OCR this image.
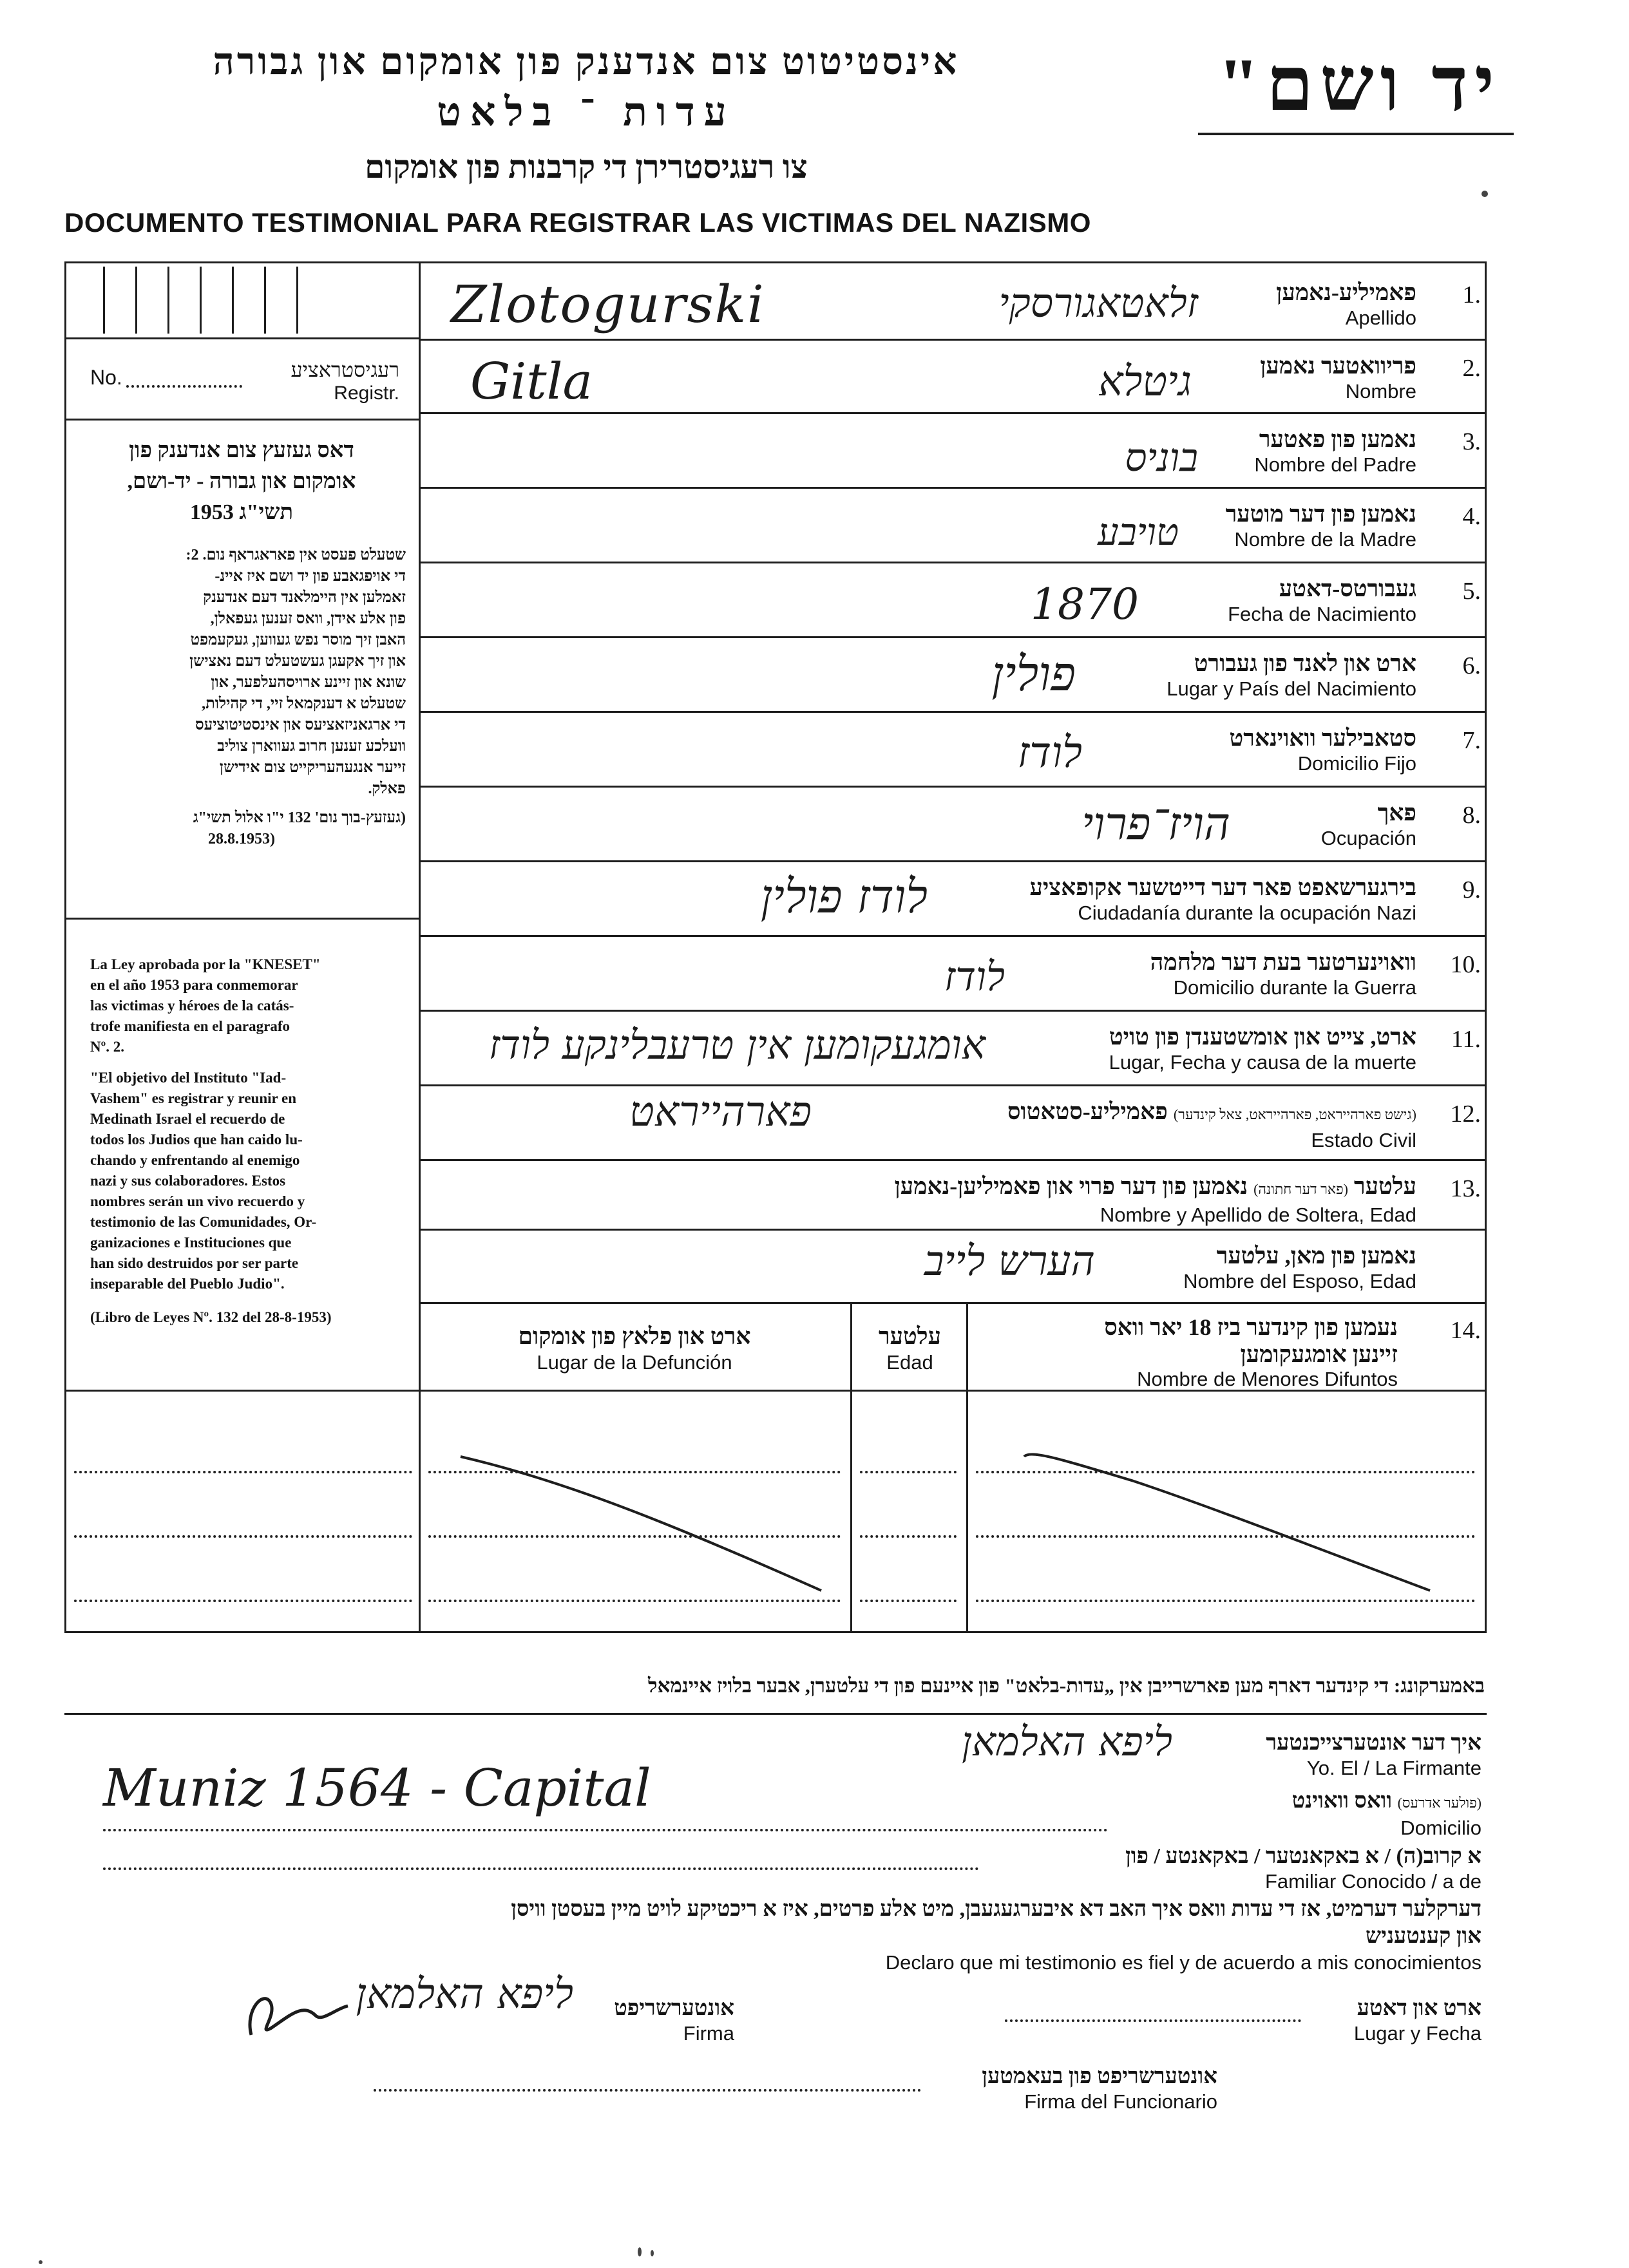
אינסטיטוט צום אנדענק פון אומקום און גבורה
עדות ־ בלאט
צו רעגיסטרירן די קרבנות פון אומקום
DOCUMENTO TESTIMONIAL PARA REGISTRAR LAS VICTIMAS DEL NAZISMO
יד ושם"
No.	רעגיסטראציע
Registr.
דאס געזעץ צום אנדענק פון
אומקום און גבורה - יד-ושם,
תשי"ג 1953
שטעלט פעסט אין פאראגראף נום. 2:
די אויפגאבע פון יד ושם איז איינ-
זאמלען אין היימלאנד דעם אנדענק
פון אלע אידן, וואס זענען געפאלן,
האבן זיך מוסר נפש געווען, געקעמפט
און זיך אקעגן געשטעלט דעם נאצישן
שונא און זיינע ארויסהעלפער, און
שטעלט א דענקמאל זיי, די קהילות,
די ארגאניזאציעס און אינסטיטוציעס
וועלכע זענען חרוב געווארן צוליב
זייער אנגעהעריקייט צום אידישן
פאלק.
(געזעץ-בוך נום' 132 י"ו אלול תשי"ג
(28.8.1953
La Ley aprobada por la "KNESET"
en el año 1953 para conmemorar
las victimas y héroes de la catás-
trofe manifiesta en el paragrafo
Nº. 2.
"El objetivo del Instituto "Iad-
Vashem" es registrar y reunir en
Medinath Israel el recuerdo de
todos los Judios que han caido lu-
chando y enfrentando al enemigo
nazi y sus colaboradores. Estos
nombres serán un vivo recuerdo y
testimonio de las Comunidades, Or-
ganizaciones e Instituciones que
han sido destruidos por ser parte
inseparable del Pueblo Judio".
(Libro de Leyes Nº. 132 del 28-8-1953)
פאמיליע-נאמען
Apellido
1.
Zlotogurski	זלאטאגורסקי
פריוואטער נאמען
Nombre
2.
Gitla	גיטלא
נאמען פון פאטער
Nombre del Padre
3.
בוניס
נאמען פון דער מוטער
Nombre de la Madre
4.
טויבע
געבורטס-דאטע
Fecha de Nacimiento
5.
1870
ארט און לאנד פון געבורט
Lugar y País del Nacimiento
6.
פולין
סטאבילער וואוינארט
Domicilio Fijo
7.
לודז
פאך
Ocupación
8.
הויז־פרוי
בירגערשאפט פאר דער דייטשער אקופאציע
Ciudadanía durante la ocupación Nazi
9.
לודז פולין
וואוינערטער בעת דער מלחמה
Domicilio durante la Guerra
10.
לודז
ארט, צייט און אומשטענדן פון טויט
Lugar, Fecha y causa de la muerte
11.
אומגעקומען אין טרעבלינקע לודז
(גישט פארהייראט, פארהייראט, צאל קינדער) פאמיליע-סטאטוס
Estado Civil
12.
פארהייראט
עלטער (פאר דער חתונה) נאמען פון דער פרוי און פאמיליען-נאמען
Nombre y Apellido de Soltera, Edad
13.
נאמען פון מאן, עלטער
Nombre del Esposo, Edad
הערש לייב
נעמען פון קינדער ביז 18 יאר וואס
זיינען אומגעקומען
Nombre de Menores Difuntos
14.
עלטער
Edad
ארט און פלאץ פון אומקום
Lugar de la Defunción
באמערקונג: די קינדער דארף מען פארשרייבן אין „עדות-בלאט" פון איינעם פון די עלטערן, אבער בלויז איינמאל
איך דער אונטערצייכנטער
Yo. El / La Firmante
ליפא האלמאן
(פולער אדרעס) וואס וואוינט
Domicilio
Muniz 1564 - Capital
א קרוב(ה) / א באקאנטער / באקאנטע / פון
Familiar Conocido / a de
דערקלער דערמיט, אז די עדות וואס איך האב דא איבערגעגעבן, מיט אלע פרטים, איז א ריכטיקע לויט מיין בעסטן וויסן
און קענטעניש
Declaro que mi testimonio es fiel y de acuerdo a mis conocimientos
אונטערשריפט
Firma
ליפא האלמאן	ארט און דאטע
Lugar y Fecha
אונטערשריפט פון בעאמטען
Firma del Funcionario
